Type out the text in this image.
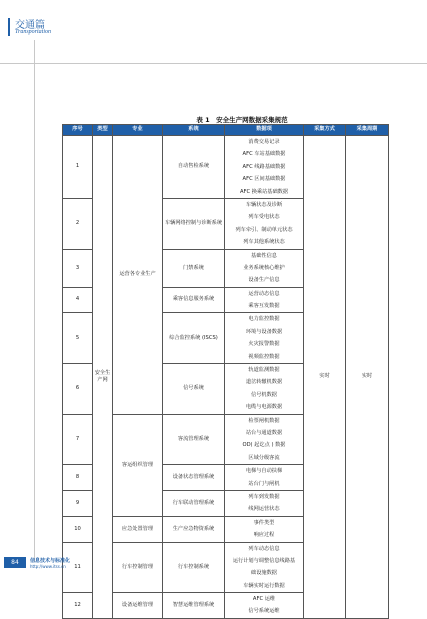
交通篇
Transportation
表 1　安全生产网数据采集规范
序号	类型	专业	系统	数据项	采集方式	采集周期
1	安全生产网	运营各专业生产	自动售检系统	消费交易记录
AFC 车站基础数据
AFC 线路基础数据
AFC 区间基础数据
AFC 换乘站基础数据	实时	实时
2			车辆网络控制与诊断系统	车辆状态及诊断
列车受电状态
列车牵引、制动单元状态
列车其他系统状态		

3			门禁系统	基础性信息
业务系统核心维护
设备生产信息		

4			乘客信息服务系统	运营动态信息
乘客互发数据		

5			综合监控系统 (ISCS)	电力监控数据
环境与设备数据
火灾报警数据
视频监控数据		

6			信号系统	轨道监测数据
道岔转辙机数据
信号机数据
电缆与电源数据		

7		客运组织管理	客流管理系统	检票闸机数据
站台与通道数据
OD( 起讫点 ) 数据
区域分级客流		

8			设备状态管理系统	电梯与自动扶梯
站台门与闸机		

9			行车联动管理系统	列车到发数据
线网运营状态		

10		应急处置管理	生产应急物资系统	事件类型
响应过程		

11		行车控制管理	行车控制系统	列车动态信息
运行计划与调整信息线路基
础设施数据
车辆实时运行数据		

12		设备运维管理	智慧运维管理系统	AFC 运维
信号系统运维		
84	信息技术与标准化
http://www.itss.cn
